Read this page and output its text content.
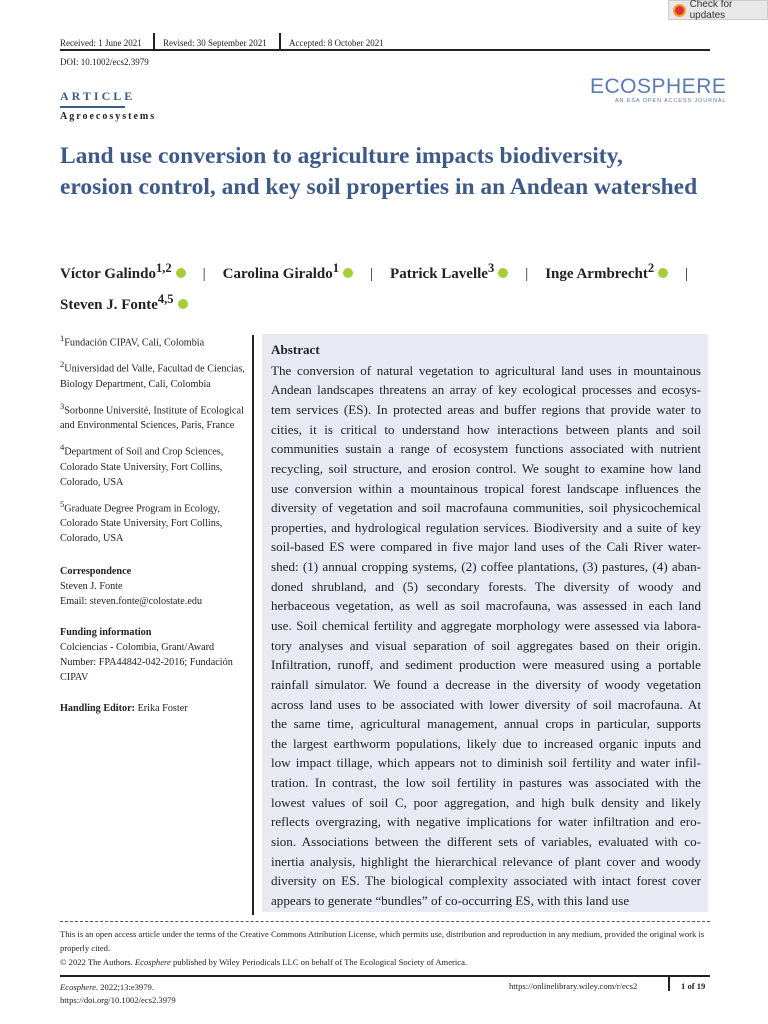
Check for updates
Received: 1 June 2021 Revised: 30 September 2021 Accepted: 8 October 2021
DOI: 10.1002/ecs2.3979
ARTICLE
Agroecosystems
ECOSPHERE
AN ESA OPEN ACCESS JOURNAL
Land use conversion to agriculture impacts biodiversity, erosion control, and key soil properties in an Andean watershed
Víctor Galindo$^{1,2}$ | Carolina Giraldo$^1$ | Patrick Lavelle$^3$ | Inge Armbrecht$^2$ |
Steven J. Fonte$^{4,5}$

$^1$Fundación CIPAV, Cali, Colombia

$^2$Universidad del Valle, Facultad de Ciencias, Biology Department, Cali, Colombia

$^3$Sorbonne Université, Institute of Ecological and Environmental Sciences, Paris, France

$^4$Department of Soil and Crop Sciences, Colorado State University, Fort Collins, Colorado, USA

$^5$Graduate Degree Program in Ecology, Colorado State University, Fort Collins, Colorado, USA

Correspondence
Steven J. Fonte
Email: steven.fonte@colostate.edu
Funding information
Colciencias - Colombia, Grant/Award Number: FPA44842-042-2016; Fundación CIPAV
Handling Editor: Erika Foster
Abstract
The conversion of natural vegetation to agricultural land uses in mountainous
Andean landscapes threatens an array of key ecological processes and ecosys-
tem services (ES). In protected areas and buffer regions that provide water to
cities, it is critical to understand how interactions between plants and soil
communities sustain a range of ecosystem functions associated with nutrient
recycling, soil structure, and erosion control. We sought to examine how land
use conversion within a mountainous tropical forest landscape influences the
diversity of vegetation and soil macrofauna communities, soil physicochemical
properties, and hydrological regulation services. Biodiversity and a suite of key
soil-based ES were compared in five major land uses of the Cali River water-
shed: (1) annual cropping systems, (2) coffee plantations, (3) pastures, (4) aban-
doned shrubland, and (5) secondary forests. The diversity of woody and
herbaceous vegetation, as well as soil macrofauna, was assessed in each land
use. Soil chemical fertility and aggregate morphology were assessed via labora-
tory analyses and visual separation of soil aggregates based on their origin.
Infiltration, runoff, and sediment production were measured using a portable
rainfall simulator. We found a decrease in the diversity of woody vegetation
across land uses to be associated with lower diversity of soil macrofauna. At
the same time, agricultural management, annual crops in particular, supports
the largest earthworm populations, likely due to increased organic inputs and
low impact tillage, which appears not to diminish soil fertility and water infil-
tration. In contrast, the low soil fertility in pastures was associated with the
lowest values of soil C, poor aggregation, and high bulk density and likely
reflects overgrazing, with negative implications for water infiltration and ero-
sion. Associations between the different sets of variables, evaluated with co-
inertia analysis, highlight the hierarchical relevance of plant cover and woody
diversity on ES. The biological complexity associated with intact forest cover
appears to generate “bundles” of co-occurring ES, with this land use
This is an open access article under the terms of the Creative Commons Attribution License, which permits use, distribution and reproduction in any medium, provided the original work is properly cited.
© 2022 The Authors. Ecosphere published by Wiley Periodicals LLC on behalf of The Ecological Society of America.
Ecosphere. 2022;13:e3979.
https://doi.org/10.1002/ecs2.3979
https://onlinelibrary.wiley.com/r/ecs2	1 of 19
